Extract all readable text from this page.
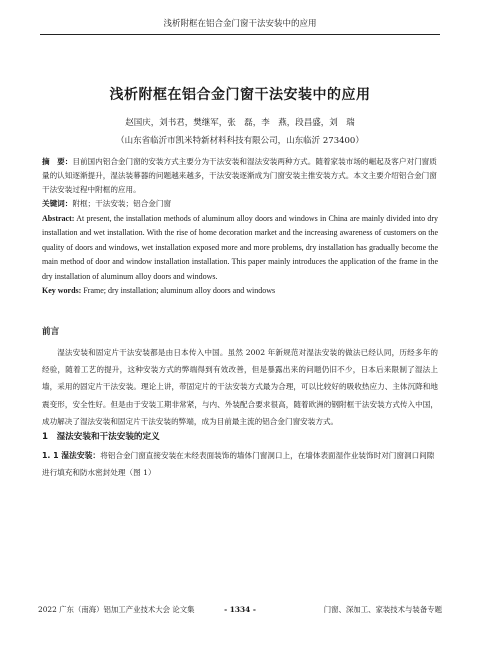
浅析附框在铝合金门窗干法安装中的应用
浅析附框在铝合金门窗干法安装中的应用
赵国庆，刘书君，樊继军，张　磊，李　燕，段昌盛，刘　瑞
（山东省临沂市凯米特新材料科技有限公司，山东临沂 273400）
摘　要：目前国内铝合金门窗的安装方式主要分为干法安装和湿法安装两种方式。随着家装市场的崛起及客户对门窗质量的认知逐渐提升，湿法装幕器的问题越来越多，干法安装逐渐成为门窗安装主推安装方式。本文主要介绍铝合金门窗干法安装过程中附框的应用。
关键词：附框；干法安装；铝合金门窗
Abstract: At present, the installation methods of aluminum alloy doors and windows in China are mainly divided into dry installation and wet installation. With the rise of home decoration market and the increasing awareness of customers on the quality of doors and windows, wet installation exposed more and more problems, dry installation has gradually become the main method of door and window installation installation. This paper mainly introduces the application of the frame in the dry installation of aluminum alloy doors and windows.
Key words: Frame; dry installation; aluminum alloy doors and windows
前言
湿法安装和固定片干法安装都是由日本传入中国。虽然 2002 年新规范对湿法安装的做法已经认同，历经多年的经验，随着工艺的提升，这种安装方式的弊端得到有效改善，但是暴露出来的问题仍旧不少，日本后来限制了湿法上墙，采用的固定片干法安装。理论上讲，带固定片的干法安装方式最为合理，可以比较好的吸收热应力、主体沉降和地震变形，安全性好。但是由于安装工期非常紧，与内、外装配合要求很高，随着欧洲的钢附框干法安装方式传入中国，成功解决了湿法安装和固定片干法安装的弊端，成为目前最主流的铝合金门窗安装方式。
1　湿法安装和干法安装的定义
1. 1 湿法安装：将铝合金门窗直接安装在未经表面装饰的墙体门窗洞口上，在墙体表面湿作业装饰时对门窗洞口间隙进行填充和防水密封处理（图 1）
2022 广东（南海）铝加工产业技术大会 论文集	- 1334 -	门窗、深加工、家装技术与装备专题
